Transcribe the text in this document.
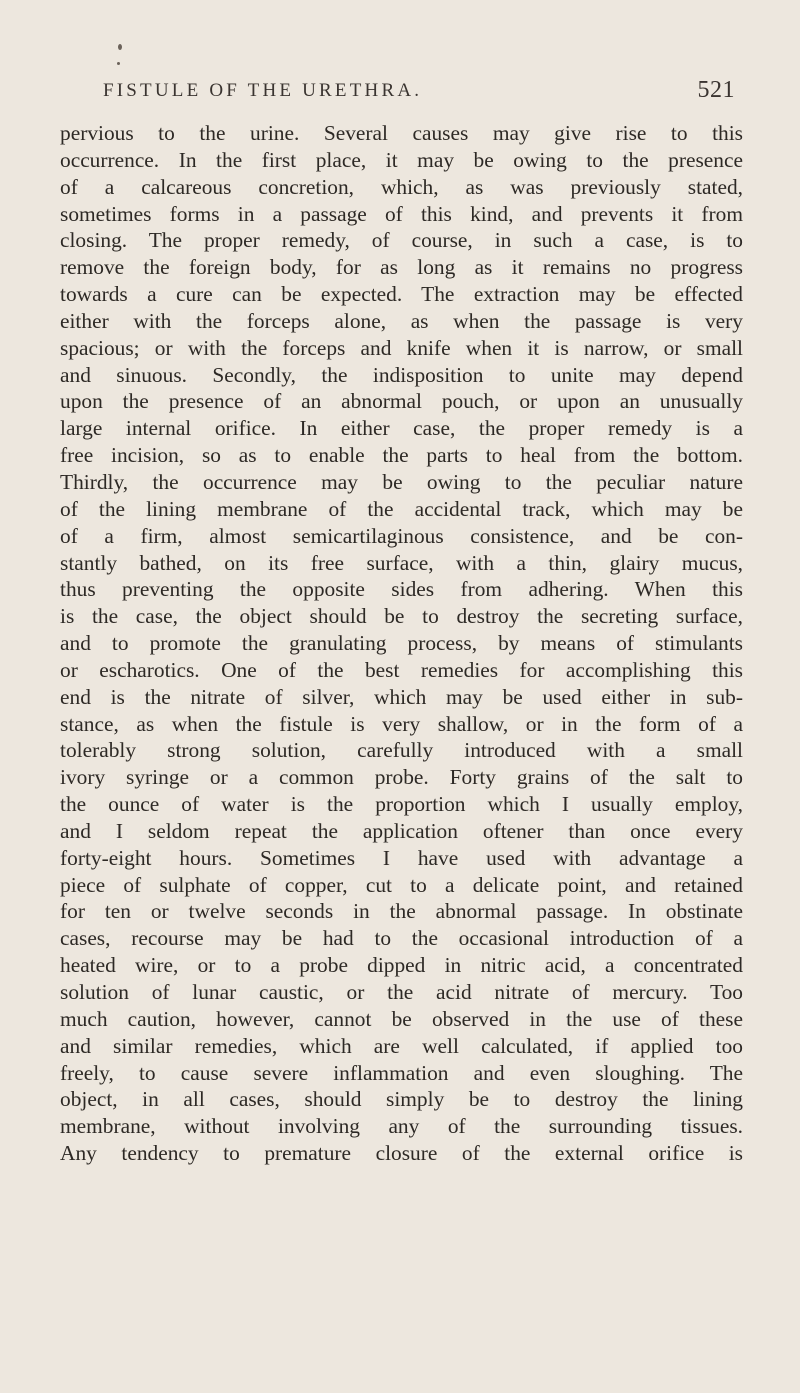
FISTULE OF THE URETHRA.	521
pervious to the urine. Several causes may give rise to this
occurrence. In the first place, it may be owing to the presence
of a calcareous concretion, which, as was previously stated,
sometimes forms in a passage of this kind, and prevents it from
closing. The proper remedy, of course, in such a case, is to
remove the foreign body, for as long as it remains no progress
towards a cure can be expected. The extraction may be effected
either with the forceps alone, as when the passage is very
spacious; or with the forceps and knife when it is narrow, or small
and sinuous. Secondly, the indisposition to unite may depend
upon the presence of an abnormal pouch, or upon an unusually
large internal orifice. In either case, the proper remedy is a
free incision, so as to enable the parts to heal from the bottom.
Thirdly, the occurrence may be owing to the peculiar nature
of the lining membrane of the accidental track, which may be
of a firm, almost semicartilaginous consistence, and be con-
stantly bathed, on its free surface, with a thin, glairy mucus,
thus preventing the opposite sides from adhering. When this
is the case, the object should be to destroy the secreting surface,
and to promote the granulating process, by means of stimulants
or escharotics. One of the best remedies for accomplishing this
end is the nitrate of silver, which may be used either in sub-
stance, as when the fistule is very shallow, or in the form of a
tolerably strong solution, carefully introduced with a small
ivory syringe or a common probe. Forty grains of the salt to
the ounce of water is the proportion which I usually employ,
and I seldom repeat the application oftener than once every
forty-eight hours. Sometimes I have used with advantage a
piece of sulphate of copper, cut to a delicate point, and retained
for ten or twelve seconds in the abnormal passage. In obstinate
cases, recourse may be had to the occasional introduction of a
heated wire, or to a probe dipped in nitric acid, a concentrated
solution of lunar caustic, or the acid nitrate of mercury. Too
much caution, however, cannot be observed in the use of these
and similar remedies, which are well calculated, if applied too
freely, to cause severe inflammation and even sloughing. The
object, in all cases, should simply be to destroy the lining
membrane, without involving any of the surrounding tissues.
Any tendency to premature closure of the external orifice is
